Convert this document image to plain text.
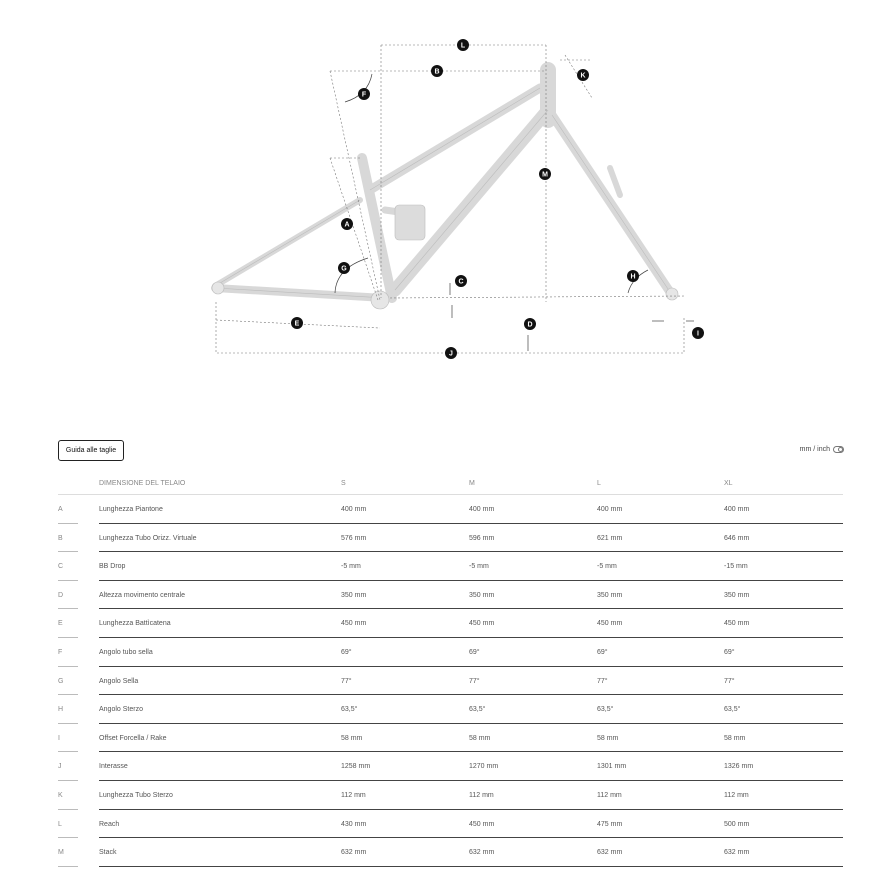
L
B
K
F
M
A
G
C
H
E	D
I
J
Guida alle taglie	mm / inch
DIMENSIONE DEL TELAIO	S	M	L	XL
A	Lunghezza Piantone	400 mm	400 mm	400 mm	400 mm
B	Lunghezza Tubo Orizz. Virtuale	576 mm	596 mm	621 mm	646 mm
C	BB Drop	-5 mm	-5 mm	-5 mm	-15 mm
D	Altezza movimento centrale	350 mm	350 mm	350 mm	350 mm
E	Lunghezza Battìcatena	450 mm	450 mm	450 mm	450 mm
F	Angolo tubo sella	69°	69°	69°	69°
G	Angolo Sella	77°	77°	77°	77°
H	Angolo Sterzo	63,5°	63,5°	63,5°	63,5°
I	Offset Forcella / Rake	58 mm	58 mm	58 mm	58 mm
J	Interasse	1258 mm	1270 mm	1301 mm	1326 mm
K	Lunghezza Tubo Sterzo	112 mm	112 mm	112 mm	112 mm
L	Reach	430 mm	450 mm	475 mm	500 mm
M	Stack	632 mm	632 mm	632 mm	632 mm
